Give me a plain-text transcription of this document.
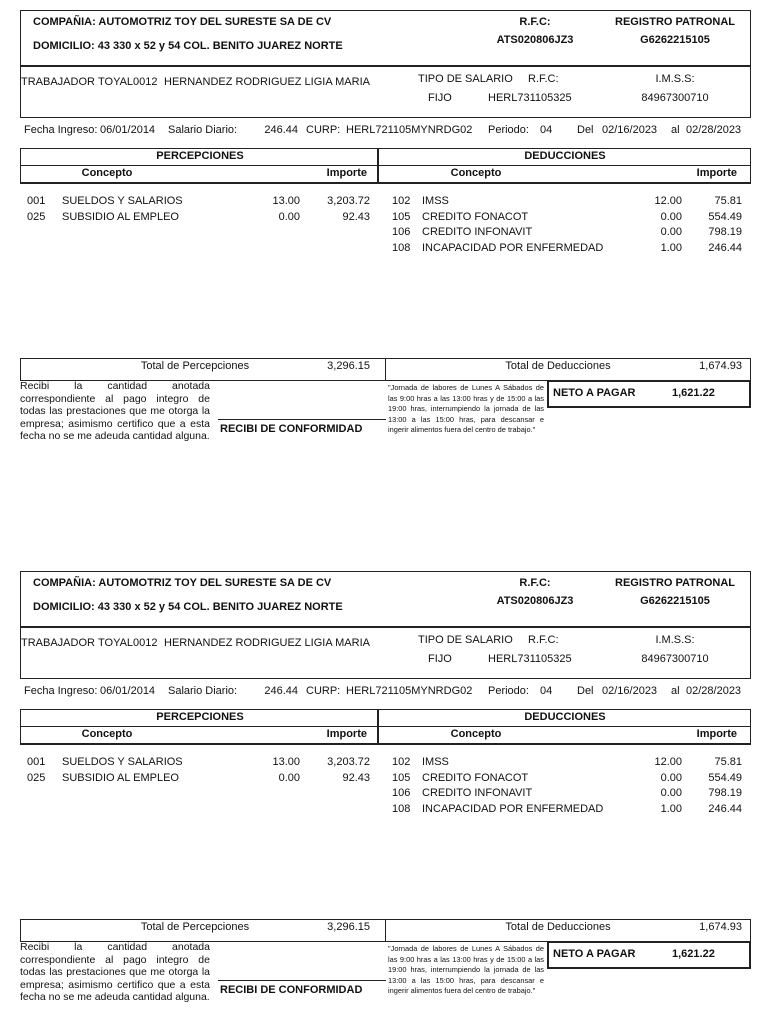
COMPAÑIA: AUTOMOTRIZ TOY DEL SURESTE SA DE CV
DOMICILIO: 43 330 x 52 y 54 COL. BENITO JUAREZ NORTE
R.F.C:
ATS020806JZ3
REGISTRO PATRONAL
G6262215105
TRABAJADOR TOYAL0012 HERNANDEZ RODRIGUEZ LIGIA MARIA	TIPO DE SALARIO R.F.C:
FIJO	HERL731105325
I.M.S.S:
84967300710
Fecha Ingreso: 06/01/2014 Salario Diario:	246.44 CURP: HERL721105MYNRDG02 Periodo: 04 Del 02/16/2023 al 02/28/2023
PERCEPCIONES	DEDUCCIONES
Concepto	Importe	Concepto	Importe
001 SUELDOS Y SALARIOS	13.00	3,203.72
025 SUBSIDIO AL EMPLEO	0.00	92.43
102 IMSS	12.00	75.81
105 CREDITO FONACOT	0.00	554.49
106 CREDITO INFONAVIT	0.00	798.19
108 INCAPACIDAD POR ENFERMEDAD	1.00	246.44
Total de Percepciones	3,296.15	Total de Deducciones	1,674.93
Recibi la cantidad anotada correspondiente al pago integro de todas las prestaciones que me otorga la empresa; asimismo certifico que a esta fecha no se me adeuda cantidad alguna.
RECIBI DE CONFORMIDAD
"Jornada de labores de Lunes A Sábados de las 9:00 hras a las 13:00 hras y de 15:00 a las 19:00 hras, interrumpiendo la jornada de las 13:00 a las 15:00 hras, para descansar e ingerir alimentos fuera del centro de trabajo."
NETO A PAGAR	1,621.22
COMPAÑIA: AUTOMOTRIZ TOY DEL SURESTE SA DE CV
DOMICILIO: 43 330 x 52 y 54 COL. BENITO JUAREZ NORTE
R.F.C:
ATS020806JZ3
REGISTRO PATRONAL
G6262215105
TRABAJADOR TOYAL0012 HERNANDEZ RODRIGUEZ LIGIA MARIA	TIPO DE SALARIO R.F.C:
FIJO	HERL731105325
I.M.S.S:
84967300710
Fecha Ingreso: 06/01/2014 Salario Diario:	246.44 CURP: HERL721105MYNRDG02 Periodo: 04 Del 02/16/2023 al 02/28/2023
PERCEPCIONES	DEDUCCIONES
Concepto	Importe	Concepto	Importe
001 SUELDOS Y SALARIOS	13.00	3,203.72
025 SUBSIDIO AL EMPLEO	0.00	92.43
102 IMSS	12.00	75.81
105 CREDITO FONACOT	0.00	554.49
106 CREDITO INFONAVIT	0.00	798.19
108 INCAPACIDAD POR ENFERMEDAD	1.00	246.44
Total de Percepciones	3,296.15	Total de Deducciones	1,674.93
Recibi la cantidad anotada correspondiente al pago integro de todas las prestaciones que me otorga la empresa; asimismo certifico que a esta fecha no se me adeuda cantidad alguna.
RECIBI DE CONFORMIDAD
"Jornada de labores de Lunes A Sábados de las 9:00 hras a las 13:00 hras y de 15:00 a las 19:00 hras, interrumpiendo la jornada de las 13:00 a las 15:00 hras, para descansar e ingerir alimentos fuera del centro de trabajo."
NETO A PAGAR	1,621.22
